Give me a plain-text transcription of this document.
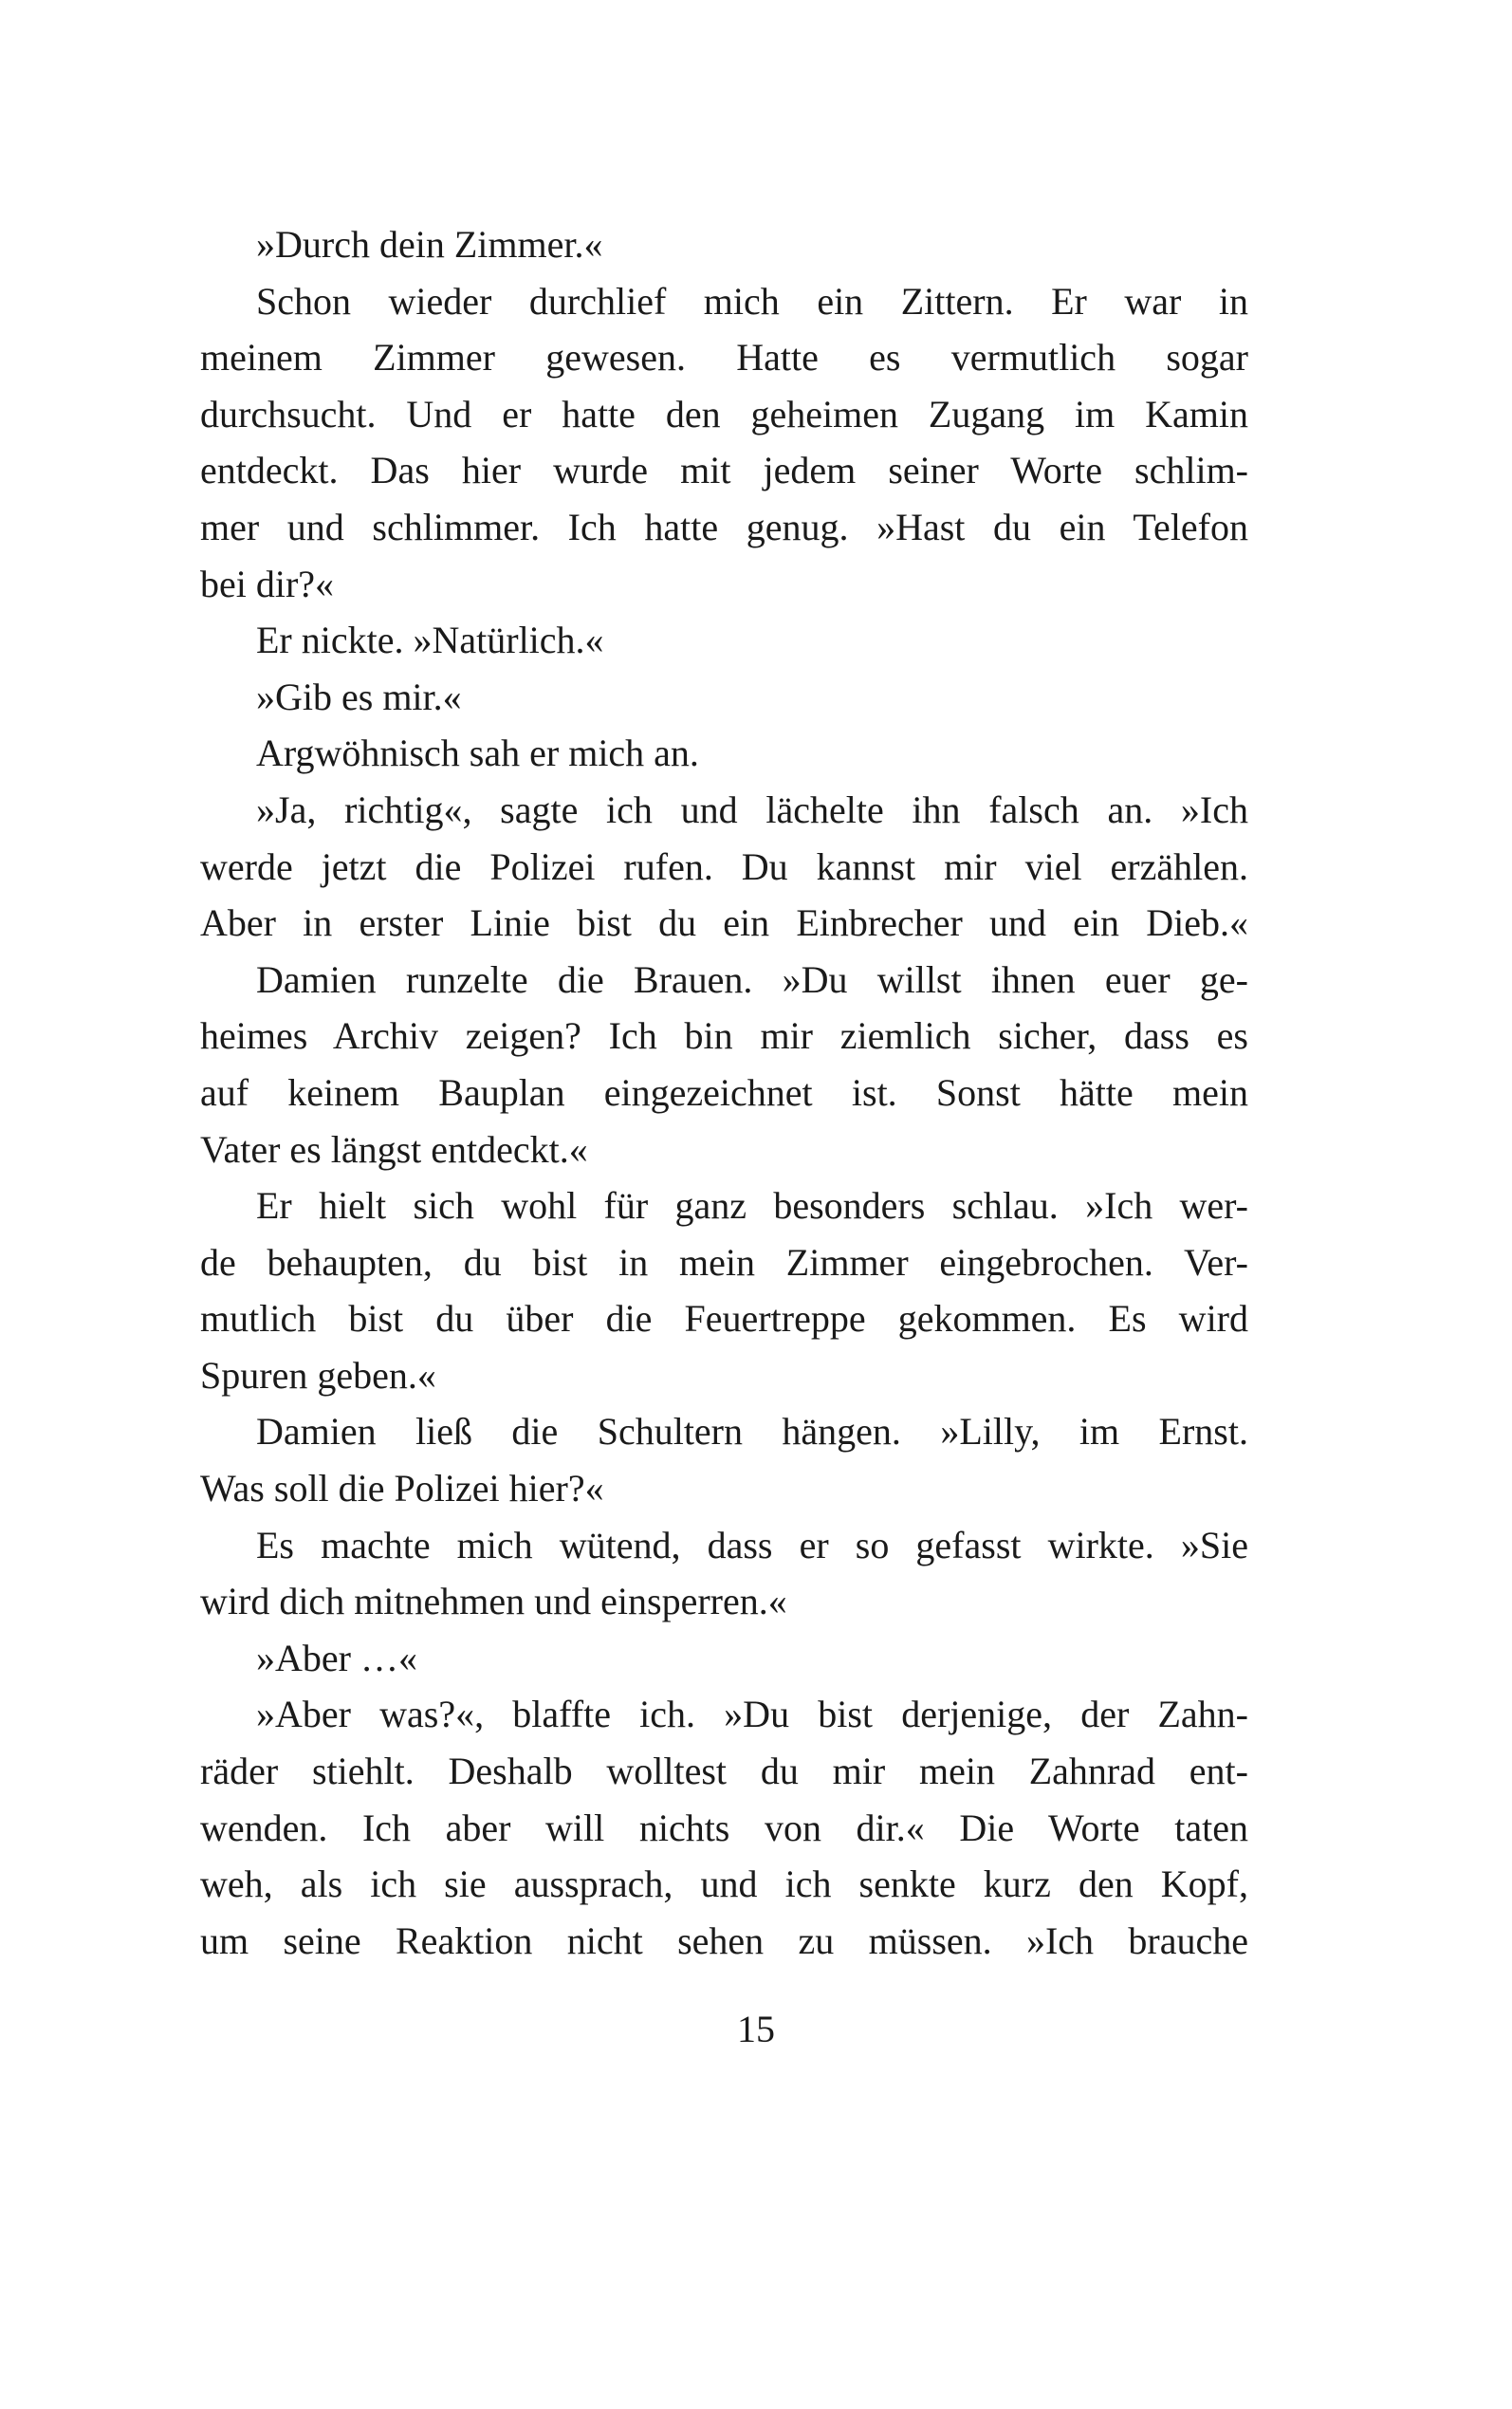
»Durch dein Zimmer.«
Schon wieder durchlief mich ein Zittern. Er war in
meinem Zimmer gewesen. Hatte es vermutlich sogar
durchsucht. Und er hatte den geheimen Zugang im Kamin
entdeckt. Das hier wurde mit jedem seiner Worte schlim-
mer und schlimmer. Ich hatte genug. »Hast du ein Telefon
bei dir?«
Er nickte. »Natürlich.«
»Gib es mir.«
Argwöhnisch sah er mich an.
»Ja, richtig«, sagte ich und lächelte ihn falsch an. »Ich
werde jetzt die Polizei rufen. Du kannst mir viel erzählen.
Aber in erster Linie bist du ein Einbrecher und ein Dieb.«
Damien runzelte die Brauen. »Du willst ihnen euer ge-
heimes Archiv zeigen? Ich bin mir ziemlich sicher, dass es
auf keinem Bauplan eingezeichnet ist. Sonst hätte mein
Vater es längst entdeckt.«
Er hielt sich wohl für ganz besonders schlau. »Ich wer-
de behaupten, du bist in mein Zimmer eingebrochen. Ver-
mutlich bist du über die Feuertreppe gekommen. Es wird
Spuren geben.«
Damien ließ die Schultern hängen. »Lilly, im Ernst.
Was soll die Polizei hier?«
Es machte mich wütend, dass er so gefasst wirkte. »Sie
wird dich mitnehmen und einsperren.«
»Aber …«
»Aber was?«, blaffte ich. »Du bist derjenige, der Zahn-
räder stiehlt. Deshalb wolltest du mir mein Zahnrad ent-
wenden. Ich aber will nichts von dir.« Die Worte taten
weh, als ich sie aussprach, und ich senkte kurz den Kopf,
um seine Reaktion nicht sehen zu müssen. »Ich brauche
15
